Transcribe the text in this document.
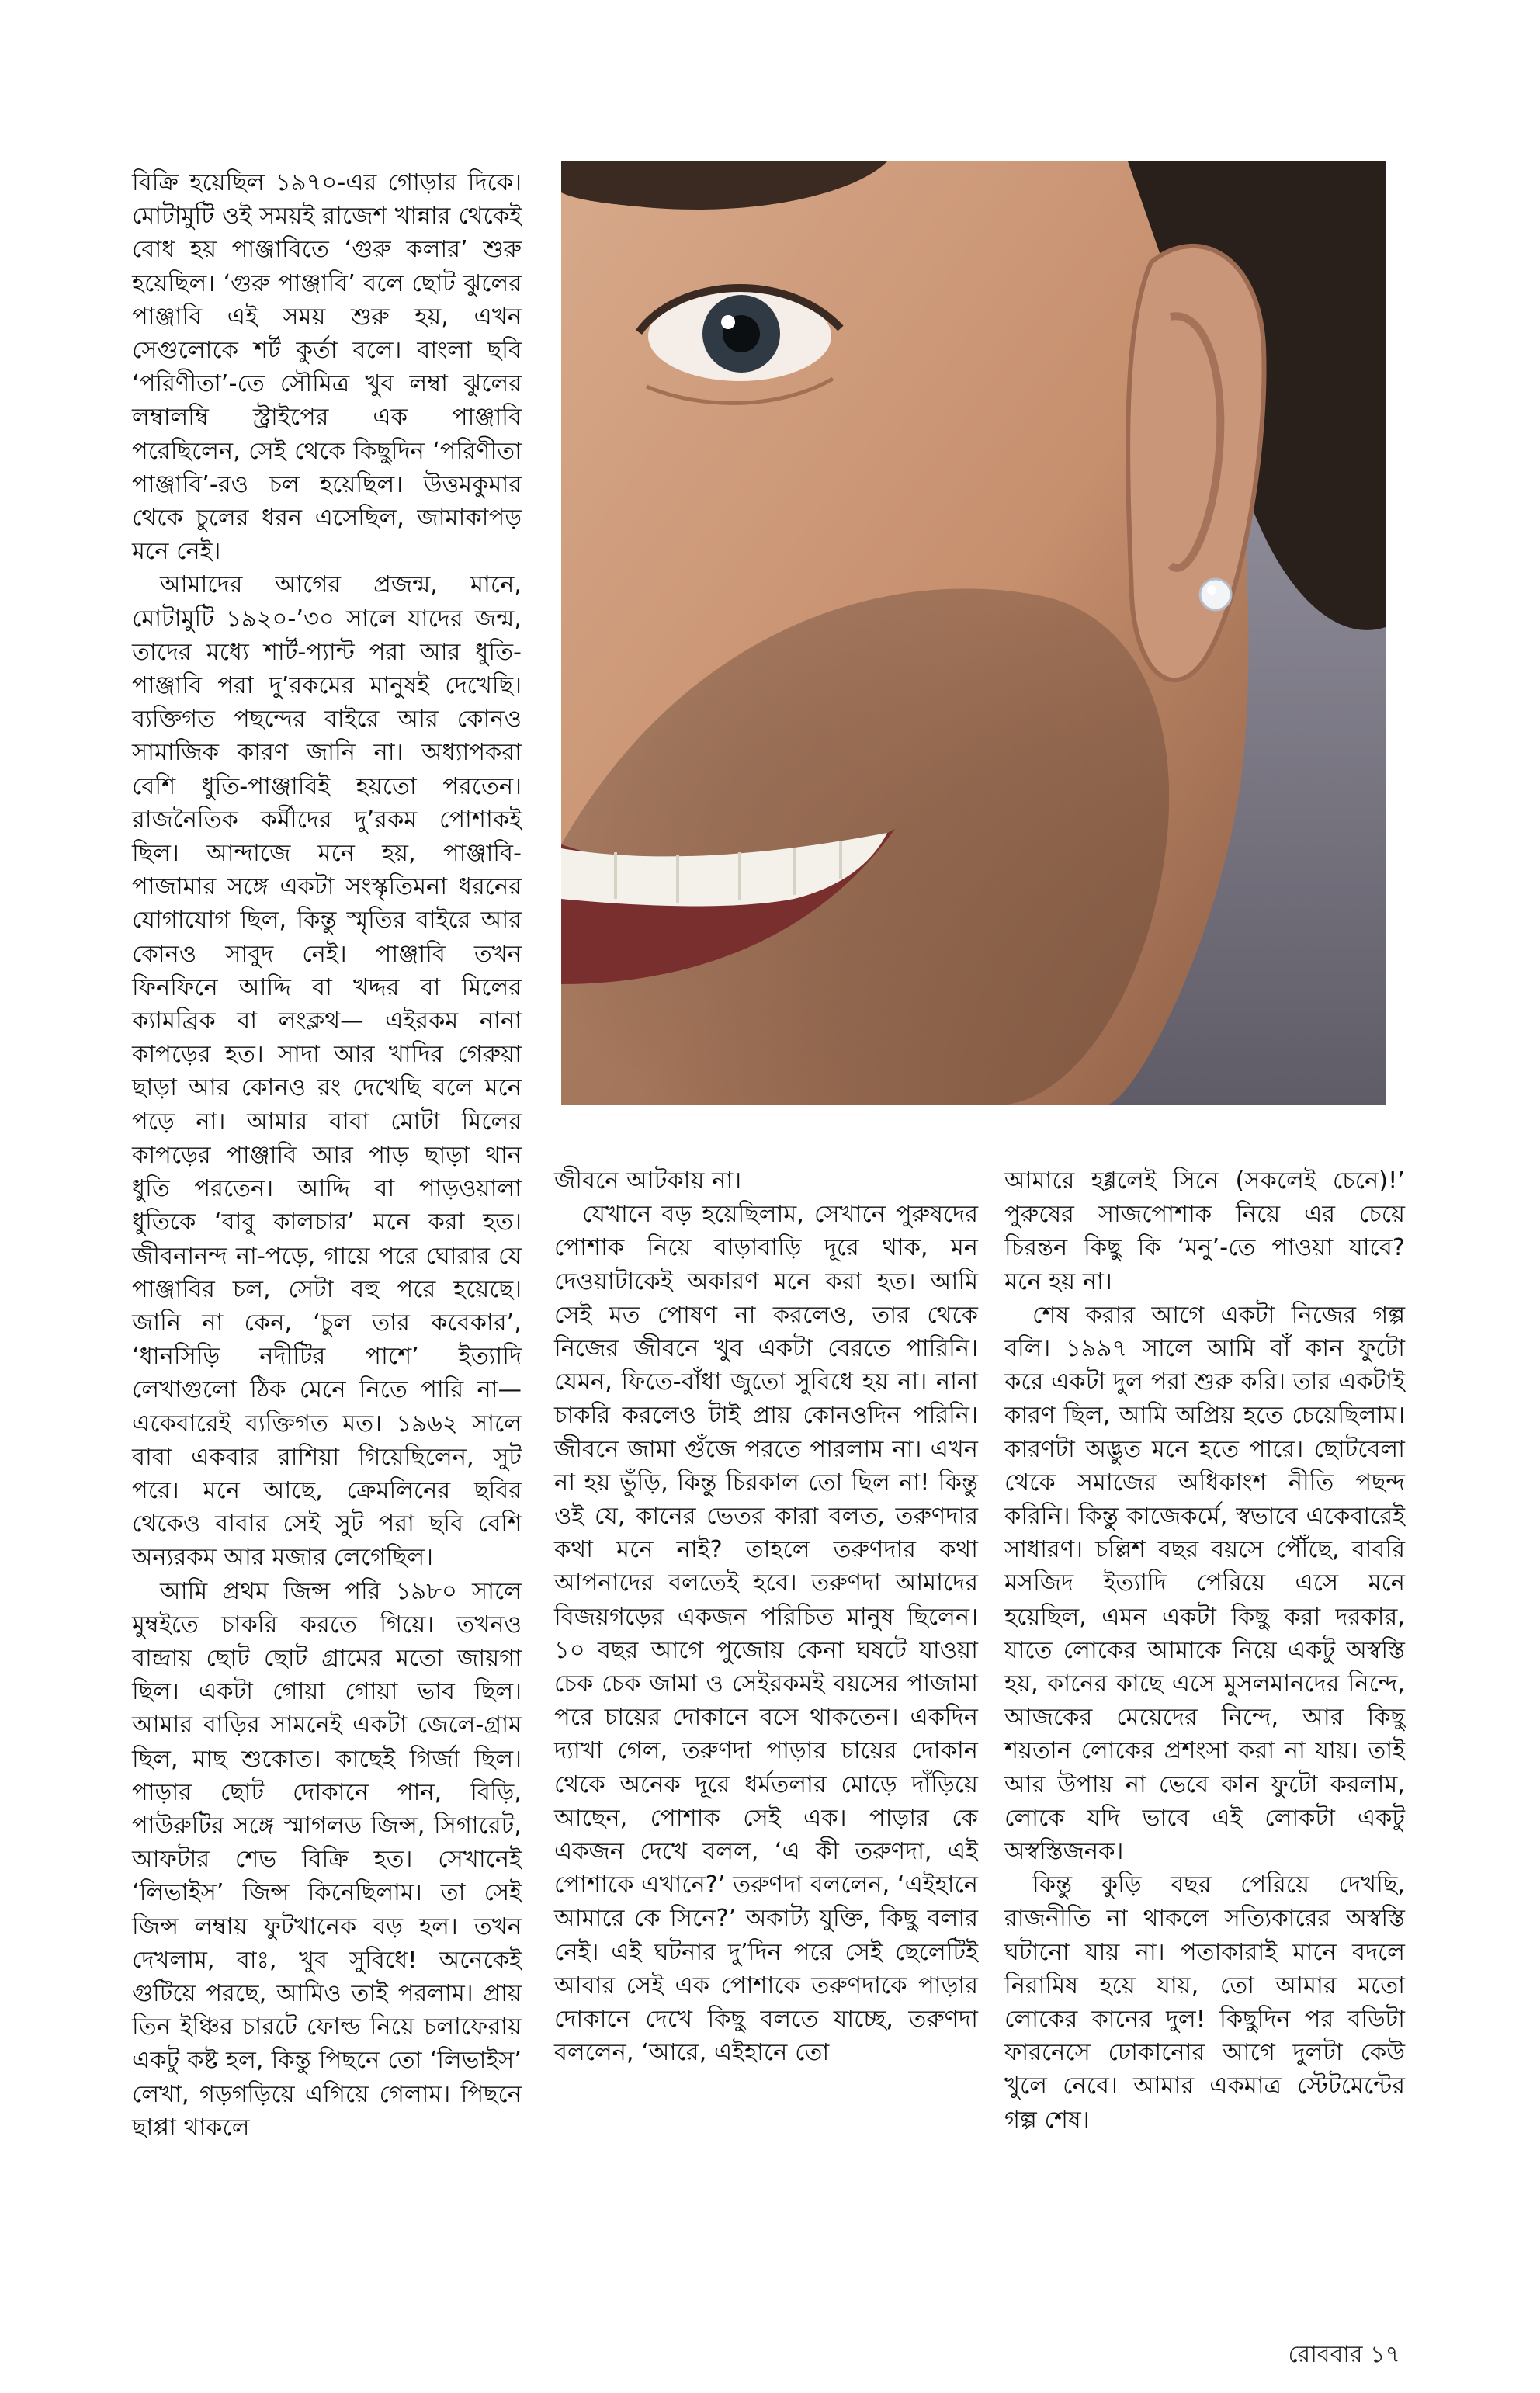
বিক্রি হয়েছিল ১৯৭০-এর গোড়ার দিকে। মোটামুটি ওই সময়ই রাজেশ খান্নার থেকেই বোধ হয় পাঞ্জাবিতে ‘গুরু কলার’ শুরু হয়েছিল। ‘গুরু পাঞ্জাবি’ বলে ছোট ঝুলের পাঞ্জাবি এই সময় শুরু হয়, এখন সেগুলোকে শর্ট কুর্তা বলে। বাংলা ছবি ‘পরিণীতা’-তে সৌমিত্র খুব লম্বা ঝুলের লম্বালম্বি স্ট্রাইপের এক পাঞ্জাবি পরেছিলেন, সেই থেকে কিছুদিন ‘পরিণীতা পাঞ্জাবি’-রও চল হয়েছিল। উত্তমকুমার থেকে চুলের ধরন এসেছিল, জামাকাপড় মনে নেই।

আমাদের আগের প্রজন্ম, মানে, মোটামুটি ১৯২০-’৩০ সালে যাদের জন্ম, তাদের মধ্যে শার্ট-প্যান্ট পরা আর ধুতি-পাঞ্জাবি পরা দু’রকমের মানুষই দেখেছি। ব্যক্তিগত পছন্দের বাইরে আর কোনও সামাজিক কারণ জানি না। অধ্যাপকরা বেশি ধুতি-পাঞ্জাবিই হয়তো পরতেন। রাজনৈতিক কর্মীদের দু’রকম পোশাকই ছিল। আন্দাজে মনে হয়, পাঞ্জাবি-পাজামার সঙ্গে একটা সংস্কৃতিমনা ধরনের যোগাযোগ ছিল, কিন্তু স্মৃতির বাইরে আর কোনও সাবুদ নেই। পাঞ্জাবি তখন ফিনফিনে আদ্দি বা খদ্দর বা মিলের ক্যামব্রিক বা লংক্লথ— এইরকম নানা কাপড়ের হত। সাদা আর খাদির গেরুয়া ছাড়া আর কোনও রং দেখেছি বলে মনে পড়ে না। আমার বাবা মোটা মিলের কাপড়ের পাঞ্জাবি আর পাড় ছাড়া থান ধুতি পরতেন। আদ্দি বা পাড়ওয়ালা ধুতিকে ‘বাবু কালচার’ মনে করা হত। জীবনানন্দ না-পড়ে, গায়ে পরে ঘোরার যে পাঞ্জাবির চল, সেটা বহু পরে হয়েছে। জানি না কেন, ‘চুল তার কবেকার’, ‘ধানসিড়ি নদীটির পাশে’ ইত্যাদি লেখাগুলো ঠিক মেনে নিতে পারি না— একেবারেই ব্যক্তিগত মত। ১৯৬২ সালে বাবা একবার রাশিয়া গিয়েছিলেন, সুট পরে। মনে আছে, ক্রেমলিনের ছবির থেকেও বাবার সেই সুট পরা ছবি বেশি অন্যরকম আর মজার লেগেছিল।

আমি প্রথম জিন্স পরি ১৯৮০ সালে মুম্বইতে চাকরি করতে গিয়ে। তখনও বান্দ্রায় ছোট ছোট গ্রামের মতো জায়গা ছিল। একটা গোয়া গোয়া ভাব ছিল। আমার বাড়ির সামনেই একটা জেলে-গ্রাম ছিল, মাছ শুকোত। কাছেই গির্জা ছিল। পাড়ার ছোট দোকানে পান, বিড়ি, পাউরুটির সঙ্গে স্মাগলড জিন্স, সিগারেট, আফটার শেভ বিক্রি হত। সেখানেই ‘লিভাইস’ জিন্স কিনেছিলাম। তা সেই জিন্স লম্বায় ফুটখানেক বড় হল। তখন দেখলাম, বাঃ, খুব সুবিধে! অনেকেই গুটিয়ে পরছে, আমিও তাই পরলাম। প্রায় তিন ইঞ্চির চারটে ফোল্ড নিয়ে চলাফেরায় একটু কষ্ট হল, কিন্তু পিছনে তো ‘লিভাইস’ লেখা, গড়গড়িয়ে এগিয়ে গেলাম। পিছনে ছাপ্পা থাকলে

জীবনে আটকায় না।

যেখানে বড় হয়েছিলাম, সেখানে পুরুষদের পোশাক নিয়ে বাড়াবাড়ি দূরে থাক, মন দেওয়াটাকেই অকারণ মনে করা হত। আমি সেই মত পোষণ না করলেও, তার থেকে নিজের জীবনে খুব একটা বেরতে পারিনি। যেমন, ফিতে-বাঁধা জুতো সুবিধে হয় না। নানা চাকরি করলেও টাই প্রায় কোনওদিন পরিনি। জীবনে জামা গুঁজে পরতে পারলাম না। এখন না হয় ভুঁড়ি, কিন্তু চিরকাল তো ছিল না! কিন্তু ওই যে, কানের ভেতর কারা বলত, তরুণদার কথা মনে নাই? তাহলে তরুণদার কথা আপনাদের বলতেই হবে। তরুণদা আমাদের বিজয়গড়ের একজন পরিচিত মানুষ ছিলেন। ১০ বছর আগে পুজোয় কেনা ঘষটে যাওয়া চেক চেক জামা ও সেইরকমই বয়সের পাজামা পরে চায়ের দোকানে বসে থাকতেন। একদিন দ্যাখা গেল, তরুণদা পাড়ার চায়ের দোকান থেকে অনেক দূরে ধর্মতলার মোড়ে দাঁড়িয়ে আছেন, পোশাক সেই এক। পাড়ার কে একজন দেখে বলল, ‘এ কী তরুণদা, এই পোশাকে এখানে?’ তরুণদা বললেন, ‘এইহানে আমারে কে সিনে?’ অকাট্য যুক্তি, কিছু বলার নেই। এই ঘটনার দু’দিন পরে সেই ছেলেটিই আবার সেই এক পোশাকে তরুণদাকে পাড়ার দোকানে দেখে কিছু বলতে যাচ্ছে, তরুণদা বললেন, ‘আরে, এইহানে তো

আমারে হগ্গলেই সিনে (সকলেই চেনে)!’ পুরুষের সাজপোশাক নিয়ে এর চেয়ে চিরন্তন কিছু কি ‘মনু’-তে পাওয়া যাবে? মনে হয় না।

শেষ করার আগে একটা নিজের গল্প বলি। ১৯৯৭ সালে আমি বাঁ কান ফুটো করে একটা দুল পরা শুরু করি। তার একটাই কারণ ছিল, আমি অপ্রিয় হতে চেয়েছিলাম। কারণটা অদ্ভুত মনে হতে পারে। ছোটবেলা থেকে সমাজের অধিকাংশ নীতি পছন্দ করিনি। কিন্তু কাজেকর্মে, স্বভাবে একেবারেই সাধারণ। চল্লিশ বছর বয়সে পৌঁছে, বাবরি মসজিদ ইত্যাদি পেরিয়ে এসে মনে হয়েছিল, এমন একটা কিছু করা দরকার, যাতে লোকের আমাকে নিয়ে একটু অস্বস্তি হয়, কানের কাছে এসে মুসলমানদের নিন্দে, আজকের মেয়েদের নিন্দে, আর কিছু শয়তান লোকের প্রশংসা করা না যায়। তাই আর উপায় না ভেবে কান ফুটো করলাম, লোকে যদি ভাবে এই লোকটা একটু অস্বস্তিজনক।

কিন্তু কুড়ি বছর পেরিয়ে দেখছি, রাজনীতি না থাকলে সত্যিকারের অস্বস্তি ঘটানো যায় না। পতাকারাই মানে বদলে নিরামিষ হয়ে যায়, তো আমার মতো লোকের কানের দুল! কিছুদিন পর বডিটা ফারনেসে ঢোকানোর আগে দুলটা কেউ খুলে নেবে। আমার একমাত্র স্টেটমেন্টের গল্প শেষ।

রোববার ১৭
